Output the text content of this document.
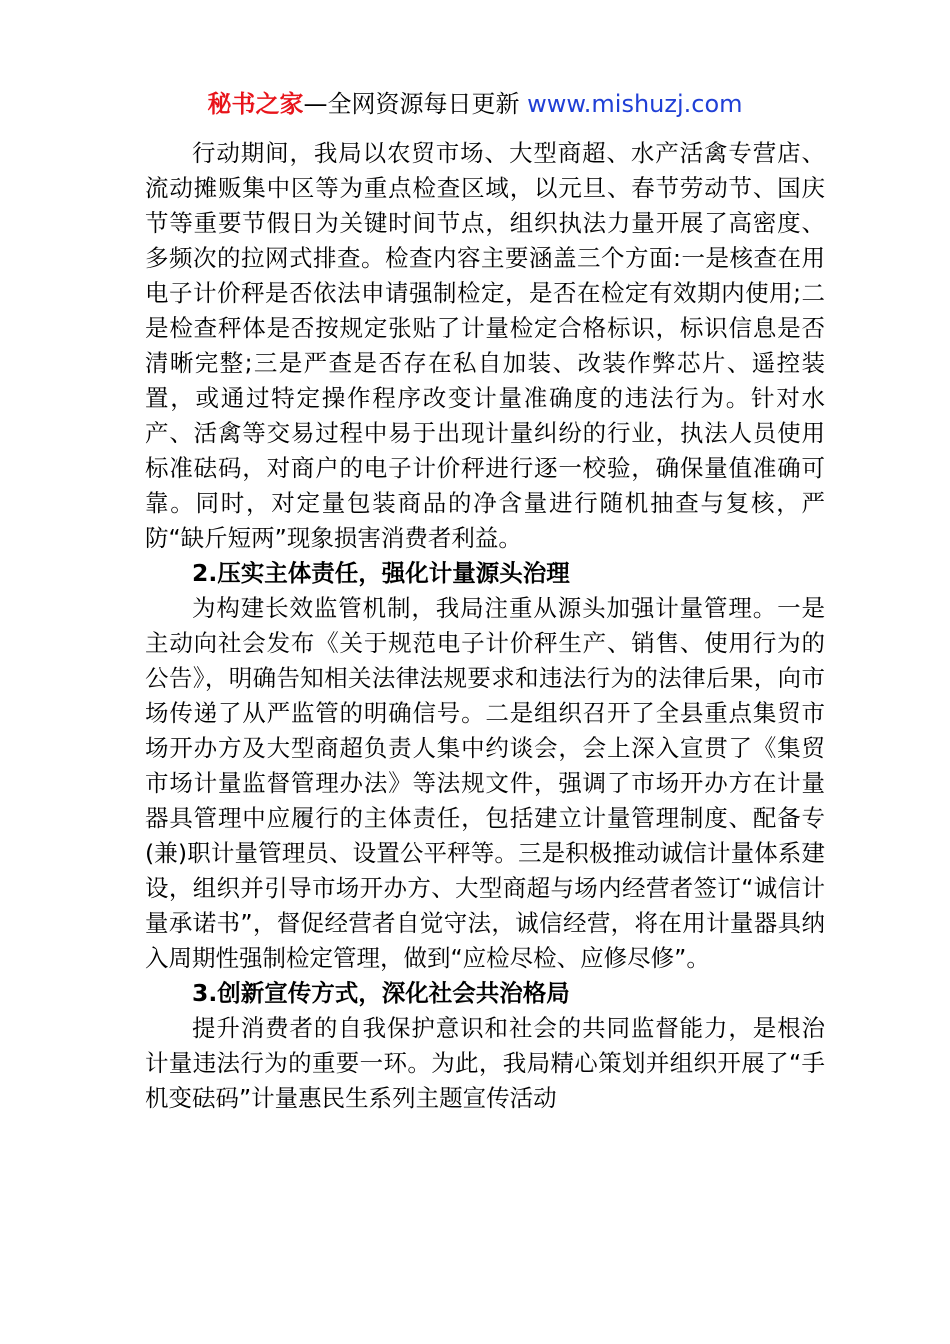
秘书之家—全网资源每日更新 www.mishuzj.com

行动期间，我局以农贸市场、大型商超、水产活禽专营店、流动摊贩集中区等为重点检查区域，以元旦、春节劳动节、国庆节等重要节假日为关键时间节点，组织执法力量开展了高密度、多频次的拉网式排查。检查内容主要涵盖三个方面:一是核查在用电子计价秤是否依法申请强制检定，是否在检定有效期内使用;二是检查秤体是否按规定张贴了计量检定合格标识，标识信息是否清晰完整;三是严查是否存在私自加装、改装作弊芯片、遥控装置，或通过特定操作程序改变计量准确度的违法行为。针对水产、活禽等交易过程中易于出现计量纠纷的行业，执法人员使用标准砝码，对商户的电子计价秤进行逐一校验，确保量值准确可靠。同时，对定量包装商品的净含量进行随机抽查与复核，严防“缺斤短两”现象损害消费者利益。

2.压实主体责任，强化计量源头治理

为构建长效监管机制，我局注重从源头加强计量管理。一是主动向社会发布《关于规范电子计价秤生产、销售、使用行为的公告》，明确告知相关法律法规要求和违法行为的法律后果，向市场传递了从严监管的明确信号。二是组织召开了全县重点集贸市场开办方及大型商超负责人集中约谈会，会上深入宣贯了《集贸市场计量监督管理办法》等法规文件，强调了市场开办方在计量器具管理中应履行的主体责任，包括建立计量管理制度、配备专(兼)职计量管理员、设置公平秤等。三是积极推动诚信计量体系建设，组织并引导市场开办方、大型商超与场内经营者签订“诚信计量承诺书”，督促经营者自觉守法，诚信经营，将在用计量器具纳入周期性强制检定管理，做到“应检尽检、应修尽修”。

3.创新宣传方式，深化社会共治格局

提升消费者的自我保护意识和社会的共同监督能力，是根治计量违法行为的重要一环。为此，我局精心策划并组织开展了“手机变砝码”计量惠民生系列主题宣传活动
